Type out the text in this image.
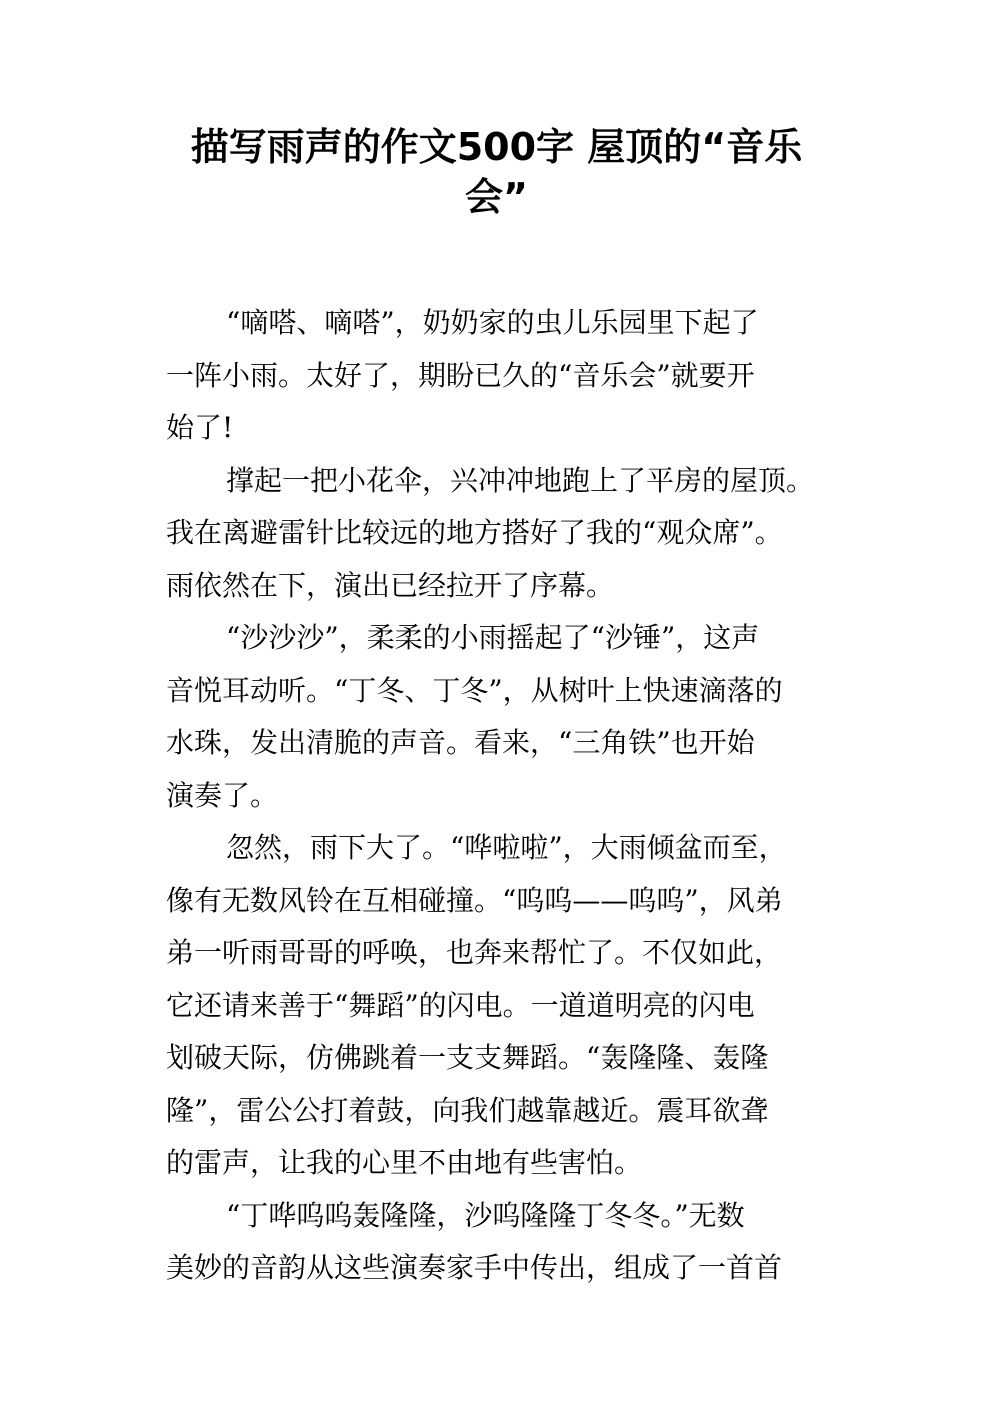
描写雨声的作文500字 屋顶的“音乐
会”
“嘀嗒、嘀嗒”，奶奶家的虫儿乐园里下起了
一阵小雨。太好了，期盼已久的“音乐会”就要开
始了!
撑起一把小花伞，兴冲冲地跑上了平房的屋顶。
我在离避雷针比较远的地方搭好了我的“观众席”。
雨依然在下，演出已经拉开了序幕。
“沙沙沙”，柔柔的小雨摇起了“沙锤”，这声
音悦耳动听。“丁冬、丁冬”，从树叶上快速滴落的
水珠，发出清脆的声音。看来，“三角铁”也开始
演奏了。
忽然，雨下大了。“哗啦啦”，大雨倾盆而至，
像有无数风铃在互相碰撞。“呜呜——呜呜”，风弟
弟一听雨哥哥的呼唤，也奔来帮忙了。不仅如此，
它还请来善于“舞蹈”的闪电。一道道明亮的闪电
划破天际，仿佛跳着一支支舞蹈。“轰隆隆、轰隆
隆”，雷公公打着鼓，向我们越靠越近。震耳欲聋
的雷声，让我的心里不由地有些害怕。
“丁哗呜呜轰隆隆，沙呜隆隆丁冬冬。”无数
美妙的音韵从这些演奏家手中传出，组成了一首首
